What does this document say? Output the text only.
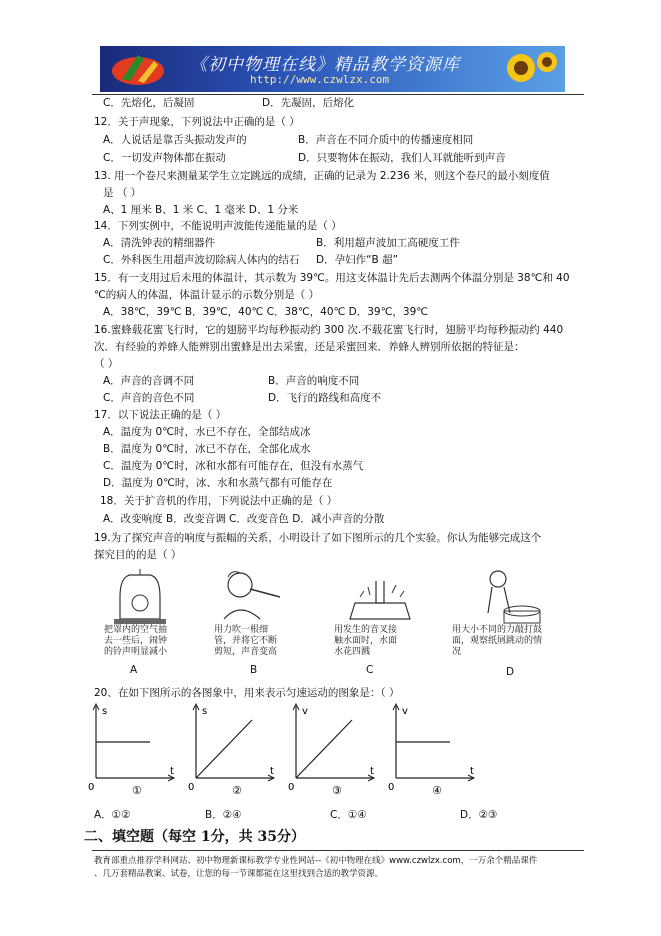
《初中物理在线》精品教学资源库
http://www.czwlzx.com
C．先熔化，后凝固	D．先凝固，后熔化
12．关于声现象，下列说法中正确的是（ ）
A．人说话是靠舌头振动发声的	B．声音在不同介质中的传播速度相同
C．一切发声物体都在振动	D．只要物体在振动，我们人耳就能听到声音
13. 用一个卷尺来测量某学生立定跳远的成绩，正确的记录为 2.236 米，则这个卷尺的最小刻度值
是 （ ）
A、1 厘米 B、1 米 C、1 毫米 D、1 分米
14．下列实例中，不能说明声波能传递能量的是（ ）
A．清洗钟表的精细器件	B．利用超声波加工高硬度工件
C．外科医生用超声波切除病人体内的结石 D．孕妇作“B 超”
15．有一支用过后未甩的体温计，其示数为 39℃。用这支体温计先后去测两个体温分别是 38℃和 40
℃的病人的体温，体温计显示的示数分别是（ ）
A．38℃，39℃ B．39℃，40℃ C．38℃，40℃ D．39℃，39℃
16.蜜蜂载花蜜飞行时，它的翅膀平均每秒振动约 300 次.不载花蜜飞行时，翅膀平均每秒振动约 440
次．有经验的养蜂人能辨别出蜜蜂是出去采蜜，还是采蜜回来．养蜂人辨别所依据的特征是：
（ ）
A．声音的音调不同	B．声音的响度不同
C．声音的音色不同	D．飞行的路线和高度不
17．以下说法正确的是（ ）
A．温度为 0℃时，水已不存在，全部结成冰
B．温度为 0℃时，冰已不存在，全部化成水
C．温度为 0℃时，冰和水都有可能存在，但没有水蒸气
D．温度为 0℃时，冰、水和水蒸气都有可能存在
18．关于扩音机的作用，下列说法中正确的是（ ）
A．改变响度 B．改变音调 C．改变音色 D．减小声音的分散
19.为了探究声音的响度与振幅的关系，小明设计了如下图所示的几个实验。你认为能够完成这个
探究目的的是（ ）
把罩内的空气抽去一些后，闹钟的铃声明显减小
A
用力吹一根细管，并将它不断剪短，声音变高
B
用发生的音叉接触水面时，水面水花四溅
C
用大小不同的力敲打鼓面，观察纸屑跳动的情况
D
20、在如下图所示的各图象中，用来表示匀速运动的图象是：（ ）
s
t
0	①
s
t
0	②
v
t
0	③
v
t
0	④
A．①②	B．②④	C．①④	D．②③
二、填空题（每空 1分，共 35分）
教育部重点推荐学科网站、初中物理新课标教学专业性网站--《初中物理在线》www.czwlzx.com，一万余个精品课件
、几万套精品教案、试卷，让您的每一节课都能在这里找到合适的教学资源。
